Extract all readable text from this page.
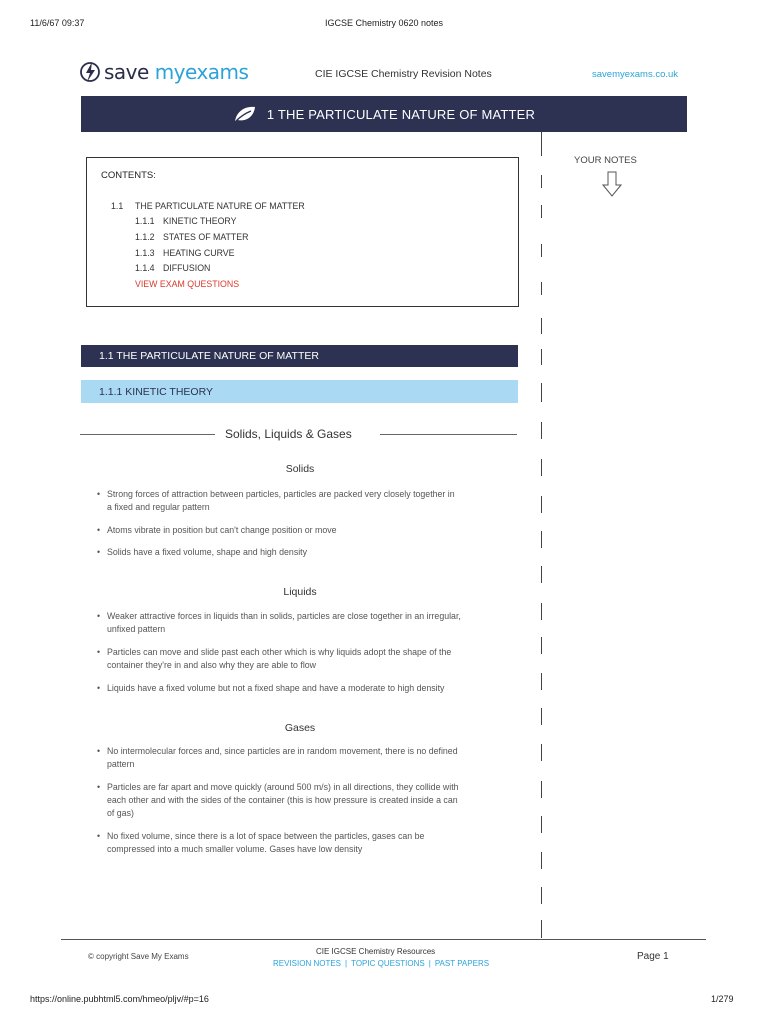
11/6/67 09:37	IGCSE Chemistry 0620 notes
save myexams	CIE IGCSE Chemistry Revision Notes	savemyexams.co.uk
1 THE PARTICULATE NATURE OF MATTER
YOUR NOTES
CONTENTS:
1.1 THE PARTICULATE NATURE OF MATTER
1.1.1 KINETIC THEORY
1.1.2 STATES OF MATTER
1.1.3 HEATING CURVE
1.1.4 DIFFUSION
VIEW EXAM QUESTIONS
1.1 THE PARTICULATE NATURE OF MATTER
1.1.1 KINETIC THEORY
Solids, Liquids & Gases
Solids
• Strong forces of attraction between particles, particles are packed very closely together in
a fixed and regular pattern
• Atoms vibrate in position but can't change position or move
• Solids have a fixed volume, shape and high density
Liquids
• Weaker attractive forces in liquids than in solids, particles are close together in an irregular,
unfixed pattern
• Particles can move and slide past each other which is why liquids adopt the shape of the
container they're in and also why they are able to flow
• Liquids have a fixed volume but not a fixed shape and have a moderate to high density
Gases
• No intermolecular forces and, since particles are in random movement, there is no defined
pattern
• Particles are far apart and move quickly (around 500 m/s) in all directions, they collide with
each other and with the sides of the container (this is how pressure is created inside a can
of gas)
• No fixed volume, since there is a lot of space between the particles, gases can be
compressed into a much smaller volume. Gases have low density
© copyright Save My Exams
CIE IGCSE Chemistry Resources
REVISION NOTES | TOPIC QUESTIONS | PAST PAPERS
Page 1
https://online.pubhtml5.com/hmeo/pljv/#p=16	1/279
